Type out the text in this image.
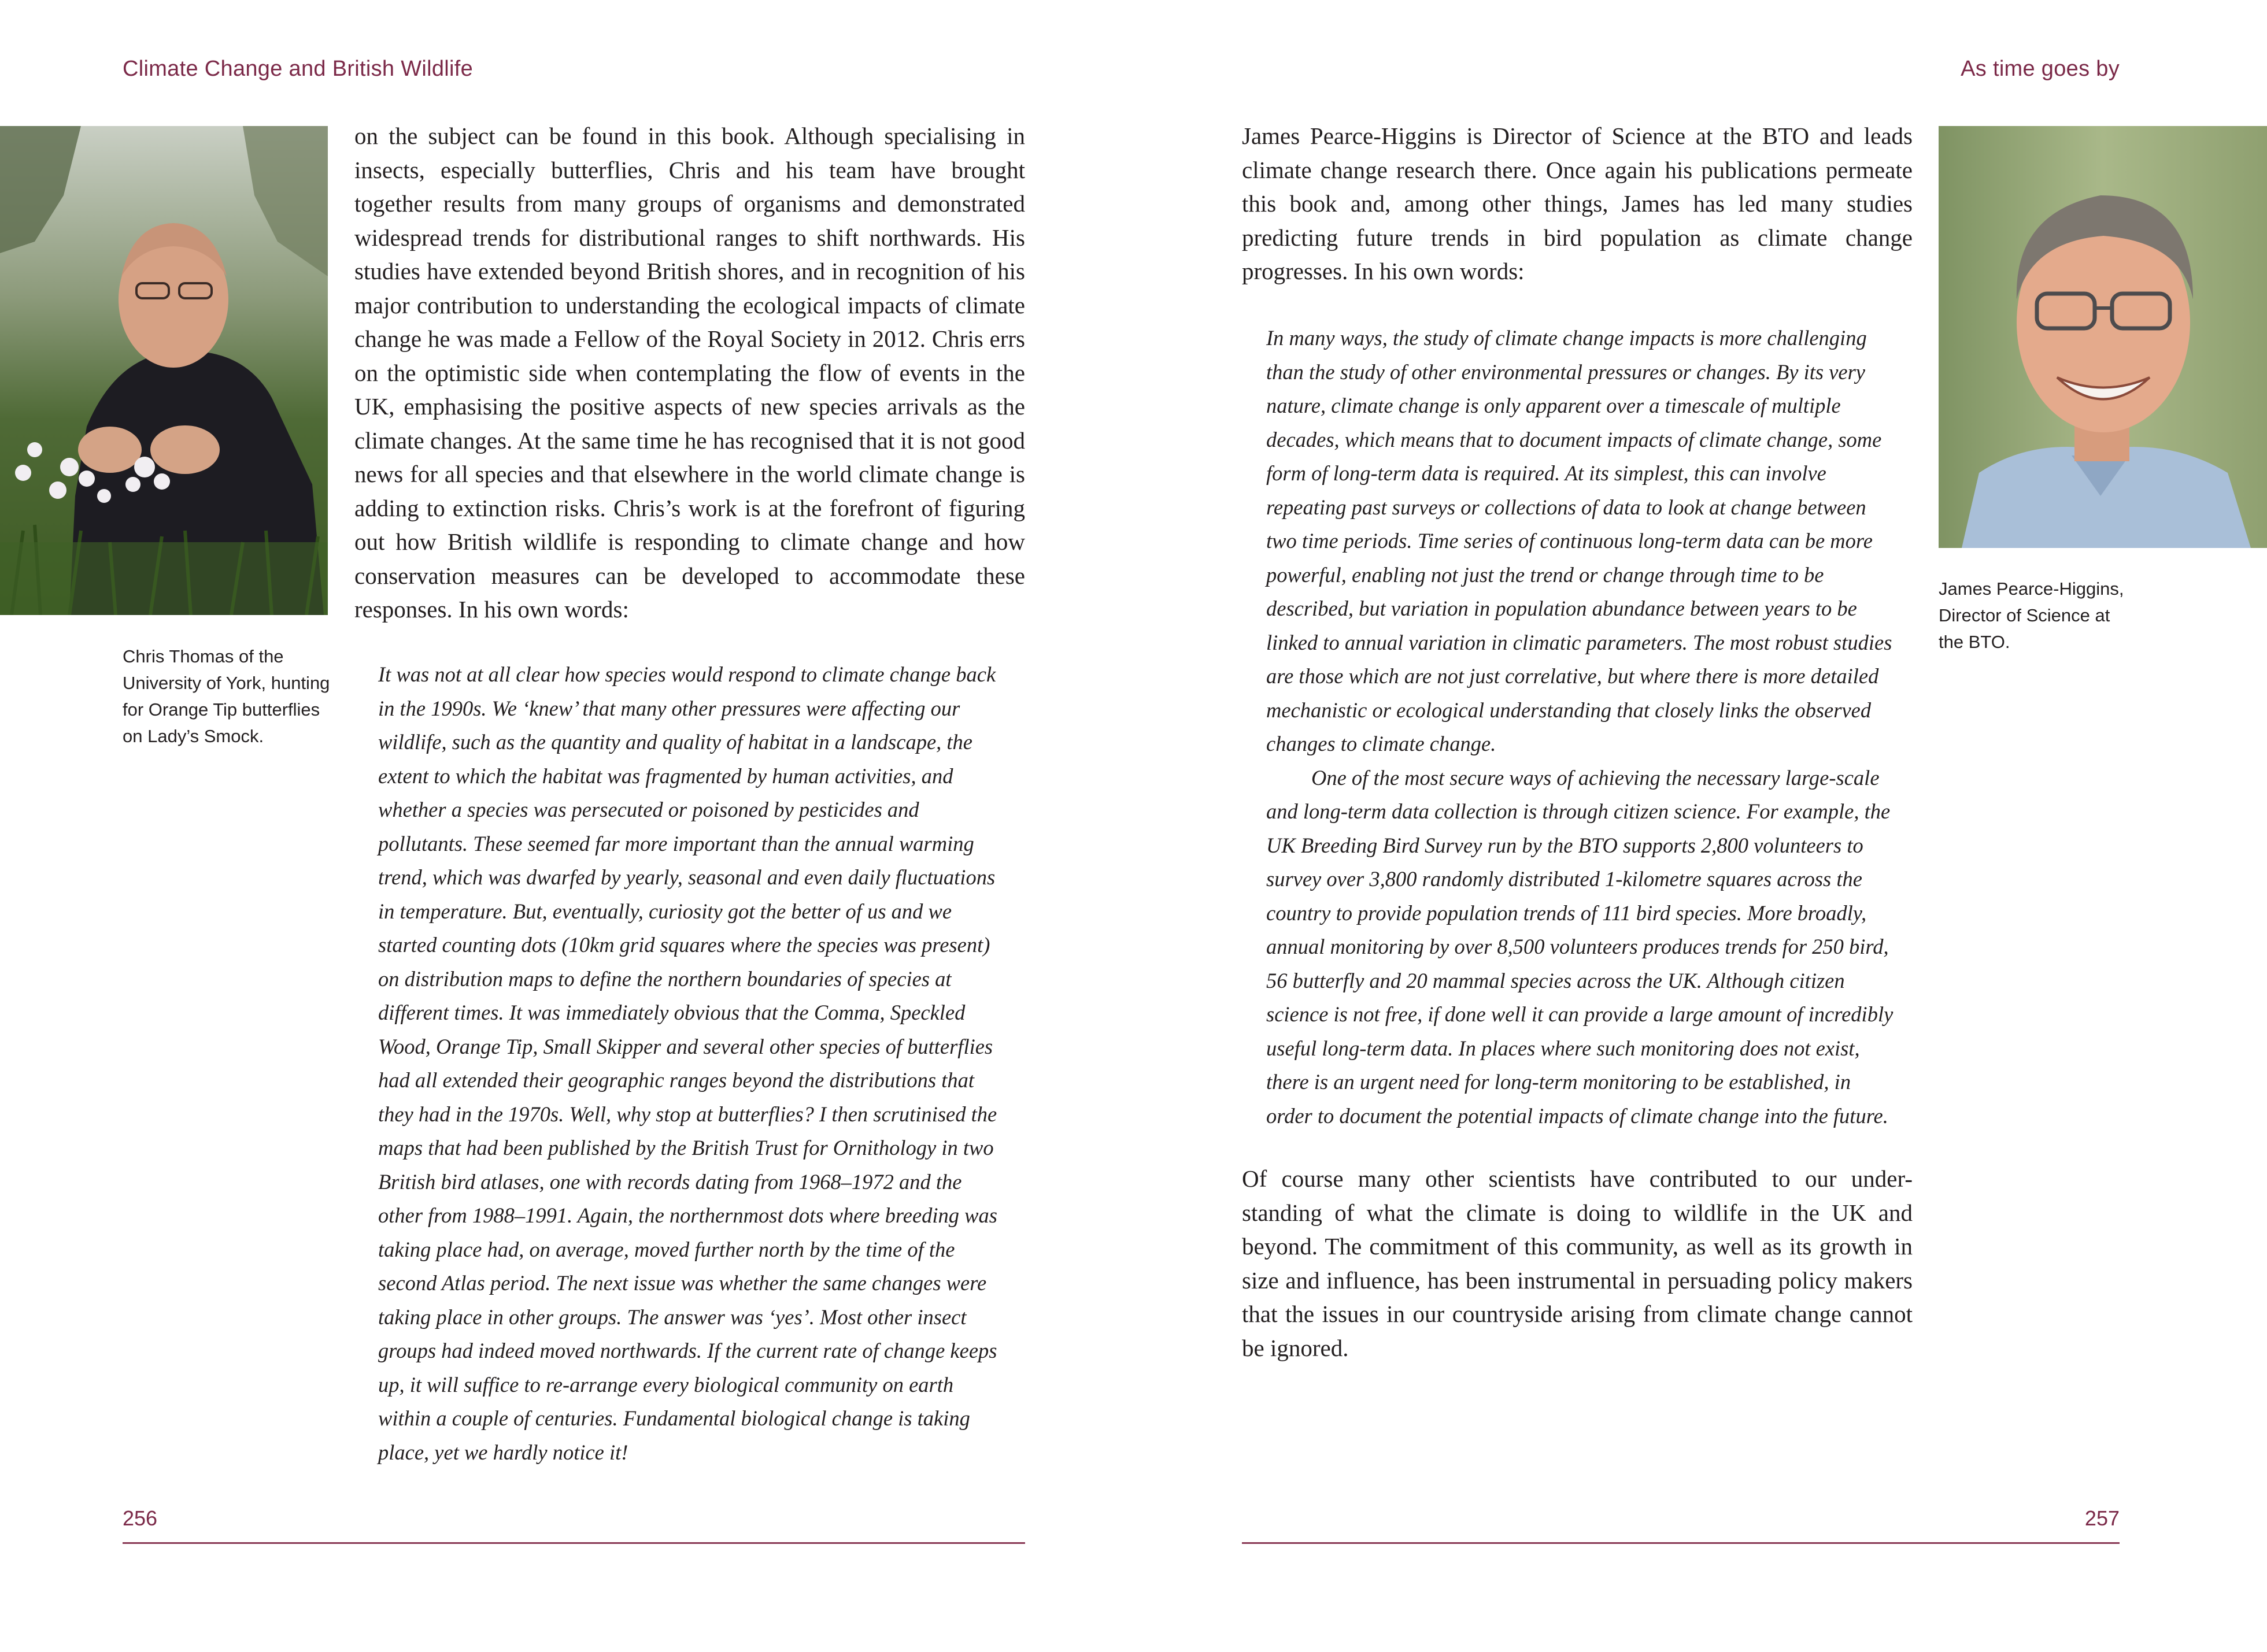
Climate Change and British Wildlife
Chris Thomas of the University of York, hunting for Orange Tip butterflies on Lady’s Smock.

on the subject can be found in this book. Although specialising in insects, especially butterflies, Chris and his team have brought together results from many groups of organisms and demonstrated widespread trends for distributional ranges to shift northwards. His studies have extended beyond British shores, and in recognition of his major contribution to understanding the ecological impacts of climate change he was made a Fellow of the Royal Society in 2012. Chris errs on the optimistic side when contemplating the flow of events in the UK, emphasising the positive aspects of new species arrivals as the climate changes. At the same time he has recognised that it is not good news for all species and that elsewhere in the world climate change is adding to extinction risks. Chris’s work is at the forefront of figuring out how British wildlife is responding to climate change and how conservation measures can be developed to accommodate these responses. In his own words:

It was not at all clear how species would respond to climate change back in the 1990s. We ‘knew’ that many other pressures were affecting our wildlife, such as the quantity and quality of habitat in a landscape, the extent to which the habitat was fragmented by human activities, and whether a species was persecuted or poisoned by pesticides and pollutants. These seemed far more important than the annual warming trend, which was dwarfed by yearly, seasonal and even daily fluctuations in temperature. But, eventually, curiosity got the better of us and we started counting dots (10km grid squares where the species was present) on distribution maps to define the northern boundaries of species at different times. It was immediately obvious that the Comma, Speckled Wood, Orange Tip, Small Skipper and several other species of butterflies had all extended their geographic ranges beyond the distributions that they had in the 1970s. Well, why stop at butterflies? I then scrutinised the maps that had been published by the British Trust for Ornithology in two British bird atlases, one with records dating from 1968–1972 and the other from 1988–1991. Again, the northernmost dots where breeding was taking place had, on average, moved further north by the time of the second Atlas period. The next issue was whether the same changes were taking place in other groups. The answer was ‘yes’. Most other insect groups had indeed moved northwards. If the current rate of change keeps up, it will suffice to re-arrange every biological community on earth within a couple of centuries. Fundamental biological change is taking place, yet we hardly notice it!

256
As time goes by

James Pearce-Higgins is Director of Science at the BTO and leads climate change research there. Once again his publications permeate this book and, among other things, James has led many studies predicting future trends in bird population as climate change progresses. In his own words:

In many ways, the study of climate change impacts is more challenging than the study of other environmental pressures or changes. By its very nature, climate change is only apparent over a timescale of multiple decades, which means that to document impacts of climate change, some form of long-term data is required. At its simplest, this can involve repeating past surveys or collections of data to look at change between two time periods. Time series of continuous long-term data can be more powerful, enabling not just the trend or change through time to be described, but variation in population abundance between years to be linked to annual variation in climatic parameters. The most robust studies are those which are not just correlative, but where there is more detailed mechanistic or ecological understanding that closely links the observed changes to climate change.

One of the most secure ways of achieving the necessary large-scale and long-term data collection is through citizen science. For example, the UK Breeding Bird Survey run by the BTO supports 2,800 volunteers to survey over 3,800 randomly distributed 1-kilometre squares across the country to provide population trends of 111 bird species. More broadly, annual monitoring by over 8,500 volunteers produces trends for 250 bird, 56 butterfly and 20 mammal species across the UK. Although citizen science is not free, if done well it can provide a large amount of incredibly useful long-term data. In places where such monitoring does not exist, there is an urgent need for long-term monitoring to be established, in order to document the potential impacts of climate change into the future.

Of course many other scientists have contributed to our under-standing of what the climate is doing to wildlife in the UK and beyond. The commitment of this community, as well as its growth in size and influence, has been instrumental in persuading policy makers that the issues in our countryside arising from climate change cannot be ignored.

James Pearce-Higgins, Director of Science at the BTO.
257
